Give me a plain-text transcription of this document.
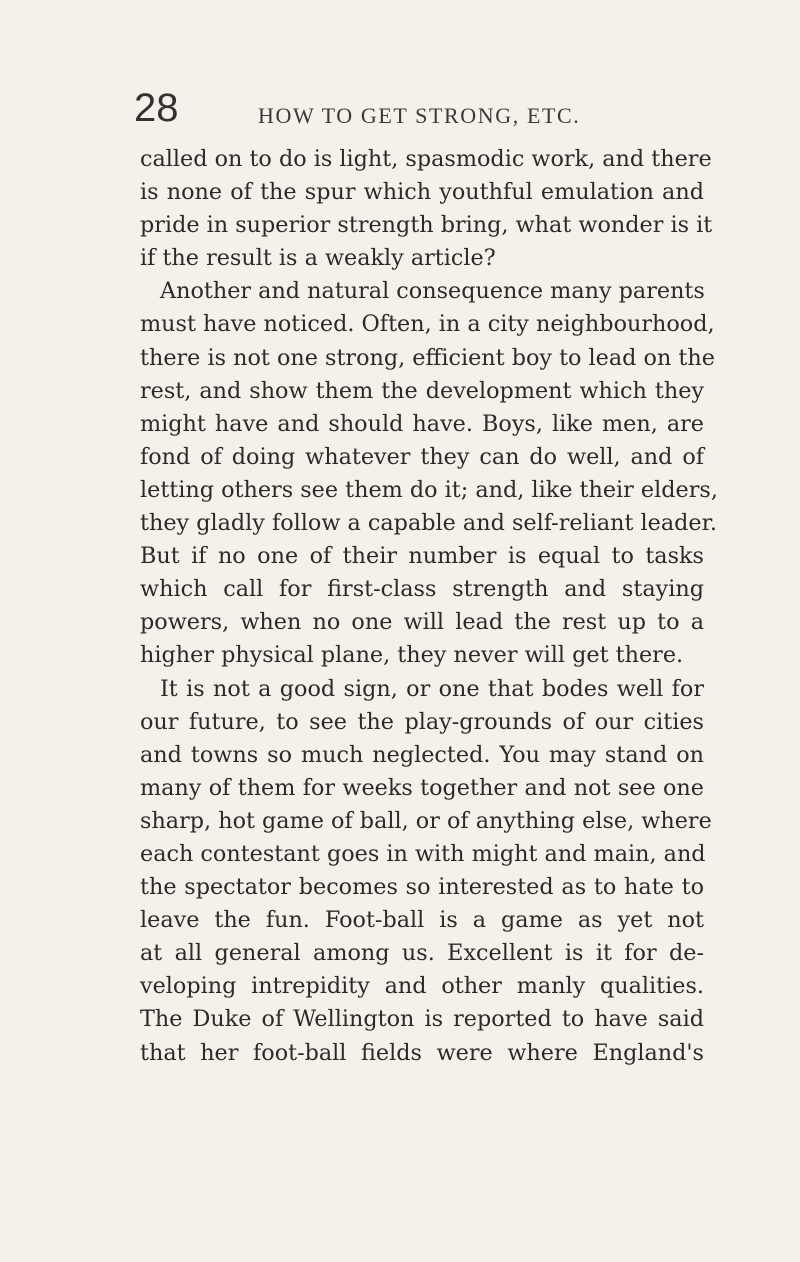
28	HOW TO GET STRONG, ETC.
called on to do is light, spasmodic work, and there
is none of the spur which youthful emulation and
pride in superior strength bring, what wonder is it
if the result is a weakly article?
Another and natural consequence many parents
must have noticed. Often, in a city neighbourhood,
there is not one strong, efficient boy to lead on the
rest, and show them the development which they
might have and should have. Boys, like men, are
fond of doing whatever they can do well, and of
letting others see them do it; and, like their elders,
they gladly follow a capable and self-reliant leader.
But if no one of their number is equal to tasks
which call for first-class strength and staying
powers, when no one will lead the rest up to a
higher physical plane, they never will get there.
It is not a good sign, or one that bodes well for
our future, to see the play-grounds of our cities
and towns so much neglected. You may stand on
many of them for weeks together and not see one
sharp, hot game of ball, or of anything else, where
each contestant goes in with might and main, and
the spectator becomes so interested as to hate to
leave the fun. Foot-ball is a game as yet not
at all general among us. Excellent is it for de-
veloping intrepidity and other manly qualities.
The Duke of Wellington is reported to have said
that her foot-ball fields were where England's
